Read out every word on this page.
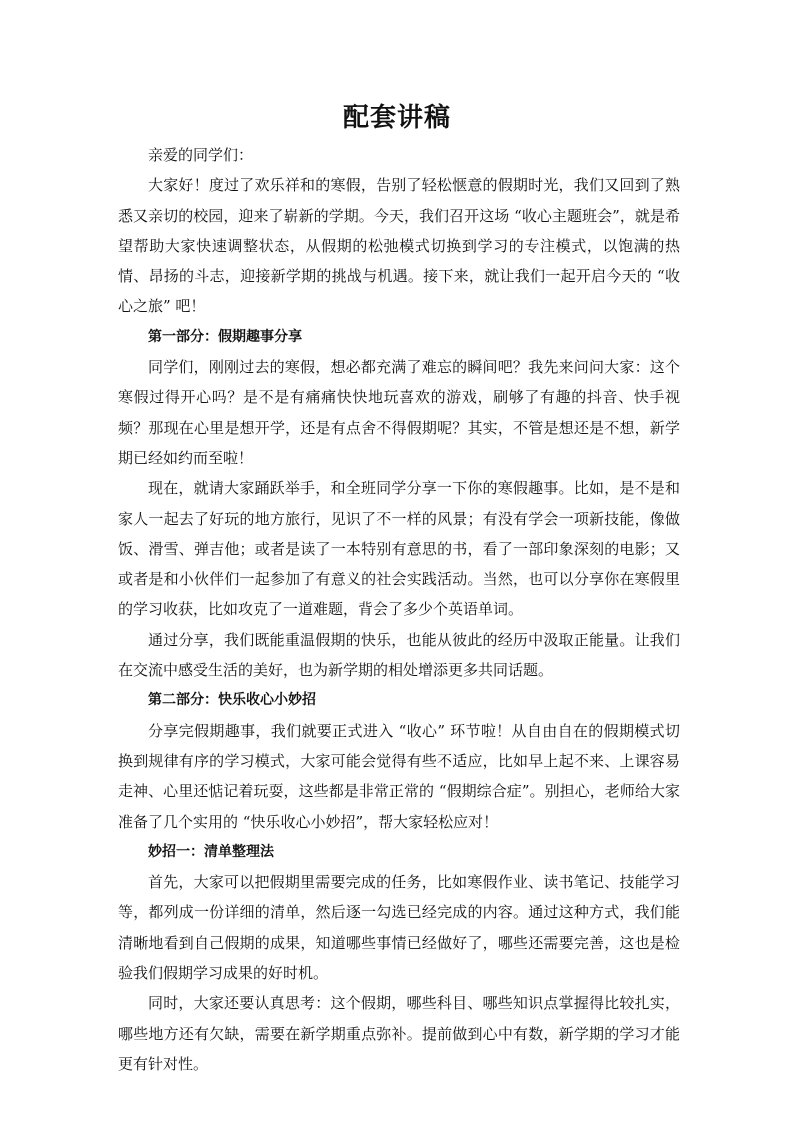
配套讲稿

亲爱的同学们：

大家好！度过了欢乐祥和的寒假，告别了轻松惬意的假期时光，我们又回到了熟悉又亲切的校园，迎来了崭新的学期。今天，我们召开这场 “收心主题班会”，就是希望帮助大家快速调整状态，从假期的松弛模式切换到学习的专注模式，以饱满的热情、昂扬的斗志，迎接新学期的挑战与机遇。接下来，就让我们一起开启今天的 “收心之旅” 吧！

第一部分：假期趣事分享

同学们，刚刚过去的寒假，想必都充满了难忘的瞬间吧？我先来问问大家：这个寒假过得开心吗？是不是有痛痛快快地玩喜欢的游戏，刷够了有趣的抖音、快手视频？那现在心里是想开学，还是有点舍不得假期呢？其实，不管是想还是不想，新学期已经如约而至啦！

现在，就请大家踊跃举手，和全班同学分享一下你的寒假趣事。比如，是不是和家人一起去了好玩的地方旅行，见识了不一样的风景；有没有学会一项新技能，像做饭、滑雪、弹吉他；或者是读了一本特别有意思的书，看了一部印象深刻的电影；又或者是和小伙伴们一起参加了有意义的社会实践活动。当然，也可以分享你在寒假里的学习收获，比如攻克了一道难题，背会了多少个英语单词。

通过分享，我们既能重温假期的快乐，也能从彼此的经历中汲取正能量。让我们在交流中感受生活的美好，也为新学期的相处增添更多共同话题。

第二部分：快乐收心小妙招

分享完假期趣事，我们就要正式进入 “收心” 环节啦！从自由自在的假期模式切换到规律有序的学习模式，大家可能会觉得有些不适应，比如早上起不来、上课容易走神、心里还惦记着玩耍，这些都是非常正常的 “假期综合症”。别担心，老师给大家准备了几个实用的 “快乐收心小妙招”，帮大家轻松应对！

妙招一：清单整理法

首先，大家可以把假期里需要完成的任务，比如寒假作业、读书笔记、技能学习等，都列成一份详细的清单，然后逐一勾选已经完成的内容。通过这种方式，我们能清晰地看到自己假期的成果，知道哪些事情已经做好了，哪些还需要完善，这也是检验我们假期学习成果的好时机。

同时，大家还要认真思考：这个假期，哪些科目、哪些知识点掌握得比较扎实，哪些地方还有欠缺，需要在新学期重点弥补。提前做到心中有数，新学期的学习才能更有针对性。
